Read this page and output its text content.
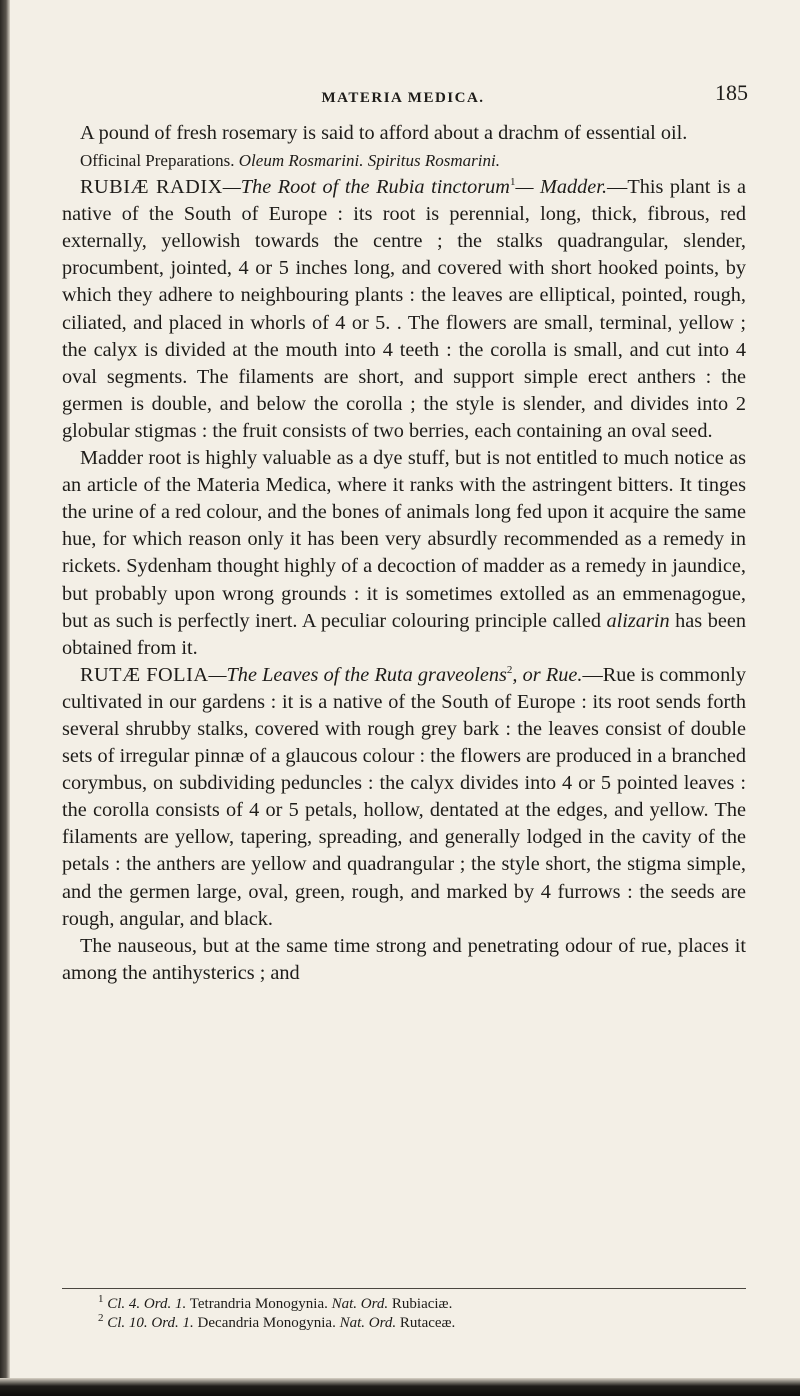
MATERIA MEDICA.	185

A pound of fresh rosemary is said to afford about a drachm of essential oil.

Officinal Preparations. Oleum Rosmarini. Spiritus Rosmarini.

RUBIÆ RADIX—The Root of the Rubia tinctorum$^1$— Madder.—This plant is a native of the South of Europe : its root is perennial, long, thick, fibrous, red externally, yellowish towards the centre ; the stalks quadrangular, slender, procumbent, jointed, 4 or 5 inches long, and covered with short hooked points, by which they adhere to neighbouring plants : the leaves are elliptical, pointed, rough, ciliated, and placed in whorls of 4 or 5. . The flowers are small, terminal, yellow ; the calyx is divided at the mouth into 4 teeth : the corolla is small, and cut into 4 oval segments. The filaments are short, and support simple erect anthers : the germen is double, and below the corolla ; the style is slender, and divides into 2 globular stigmas : the fruit consists of two berries, each containing an oval seed.

Madder root is highly valuable as a dye stuff, but is not entitled to much notice as an article of the Materia Medica, where it ranks with the astringent bitters. It tinges the urine of a red colour, and the bones of animals long fed upon it acquire the same hue, for which reason only it has been very absurdly recommended as a remedy in rickets. Sydenham thought highly of a decoction of madder as a remedy in jaundice, but probably upon wrong grounds : it is sometimes extolled as an emmenagogue, but as such is perfectly inert. A peculiar colouring principle called alizarin has been obtained from it.

RUTÆ FOLIA—The Leaves of the Ruta graveolens$^2$, or Rue.—Rue is commonly cultivated in our gardens : it is a native of the South of Europe : its root sends forth several shrubby stalks, covered with rough grey bark : the leaves consist of double sets of irregular pinnæ of a glaucous colour : the flowers are produced in a branched corymbus, on subdividing peduncles : the calyx divides into 4 or 5 pointed leaves : the corolla consists of 4 or 5 petals, hollow, dentated at the edges, and yellow. The filaments are yellow, tapering, spreading, and generally lodged in the cavity of the petals : the anthers are yellow and quadrangular ; the style short, the stigma simple, and the germen large, oval, green, rough, and marked by 4 furrows : the seeds are rough, angular, and black.

The nauseous, but at the same time strong and penetrating odour of rue, places it among the antihysterics ; and

$^1$ Cl. 4. Ord. 1. Tetrandria Monogynia. Nat. Ord. Rubiaciæ.

$^2$ Cl. 10. Ord. 1. Decandria Monogynia. Nat. Ord. Rutaceæ.
